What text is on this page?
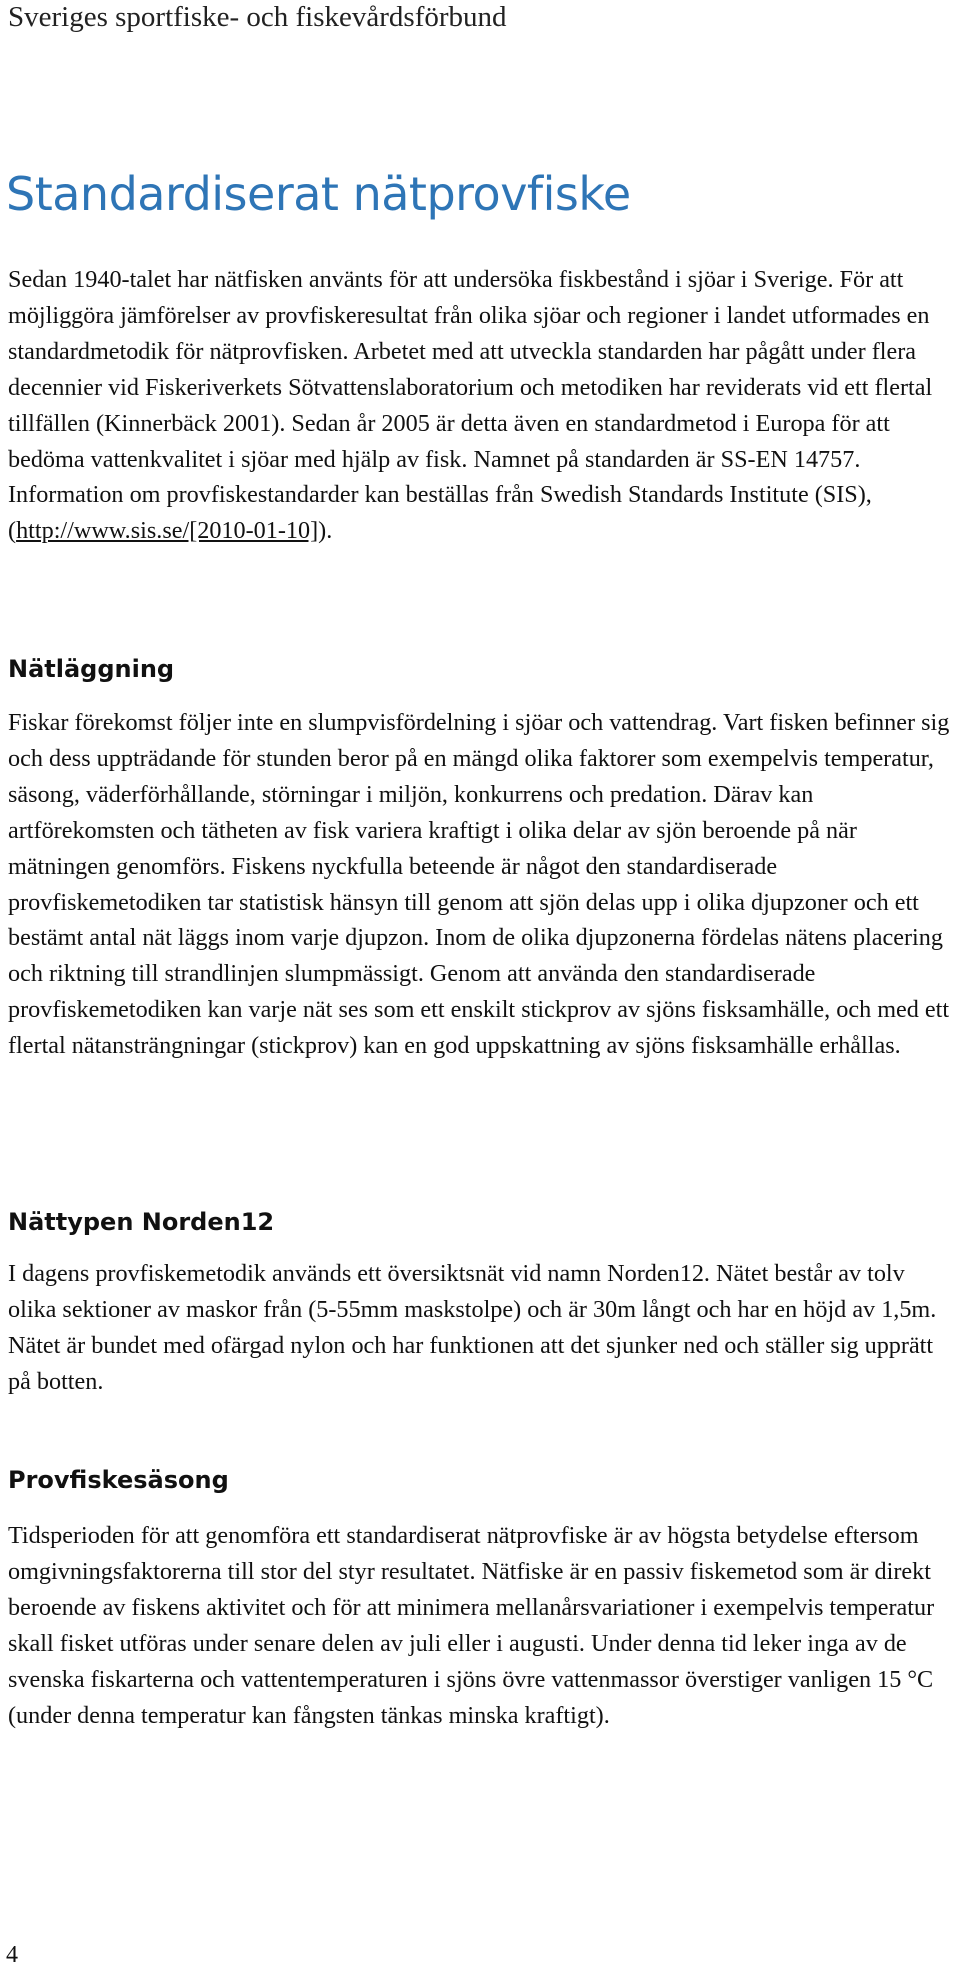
Sveriges sportfiske- och fiskevårdsförbund
Standardiserat nätprovfiske

Sedan 1940-talet har nätfisken använts för att undersöka fiskbestånd i sjöar i Sverige. För att möjliggöra jämförelser av provfiskeresultat från olika sjöar och regioner i landet utformades en standardmetodik för nätprovfisken. Arbetet med att utveckla standarden har pågått under flera decennier vid Fiskeriverkets Sötvattenslaboratorium och metodiken har reviderats vid ett flertal tillfällen (Kinnerbäck 2001). Sedan år 2005 är detta även en standardmetod i Europa för att bedöma vattenkvalitet i sjöar med hjälp av fisk. Namnet på standarden är SS-EN 14757. Information om provfiskestandarder kan beställas från Swedish Standards Institute (SIS), (http://www.sis.se/[2010-01-10]).

Nätläggning

Fiskar förekomst följer inte en slumpvisfördelning i sjöar och vattendrag. Vart fisken befinner sig och dess uppträdande för stunden beror på en mängd olika faktorer som exempelvis temperatur, säsong, väderförhållande, störningar i miljön, konkurrens och predation. Därav kan artförekomsten och tätheten av fisk variera kraftigt i olika delar av sjön beroende på när mätningen genomförs. Fiskens nyckfulla beteende är något den standardiserade provfiskemetodiken tar statistisk hänsyn till genom att sjön delas upp i olika djupzoner och ett bestämt antal nät läggs inom varje djupzon. Inom de olika djupzonerna fördelas nätens placering och riktning till strandlinjen slumpmässigt. Genom att använda den standardiserade provfiskemetodiken kan varje nät ses som ett enskilt stickprov av sjöns fisksamhälle, och med ett flertal nätansträngningar (stickprov) kan en god uppskattning av sjöns fisksamhälle erhållas.

Nättypen Norden12

I dagens provfiskemetodik används ett översiktsnät vid namn Norden12. Nätet består av tolv olika sektioner av maskor från (5-55mm maskstolpe) och är 30m långt och har en höjd av 1,5m. Nätet är bundet med ofärgad nylon och har funktionen att det sjunker ned och ställer sig upprätt på botten.

Provfiskesäsong

Tidsperioden för att genomföra ett standardiserat nätprovfiske är av högsta betydelse eftersom omgivningsfaktorerna till stor del styr resultatet. Nätfiske är en passiv fiskemetod som är direkt beroende av fiskens aktivitet och för att minimera mellanårsvariationer i exempelvis temperatur skall fisket utföras under senare delen av juli eller i augusti. Under denna tid leker inga av de svenska fiskarterna och vattentemperaturen i sjöns övre vattenmassor överstiger vanligen 15 °C (under denna temperatur kan fångsten tänkas minska kraftigt).

4
